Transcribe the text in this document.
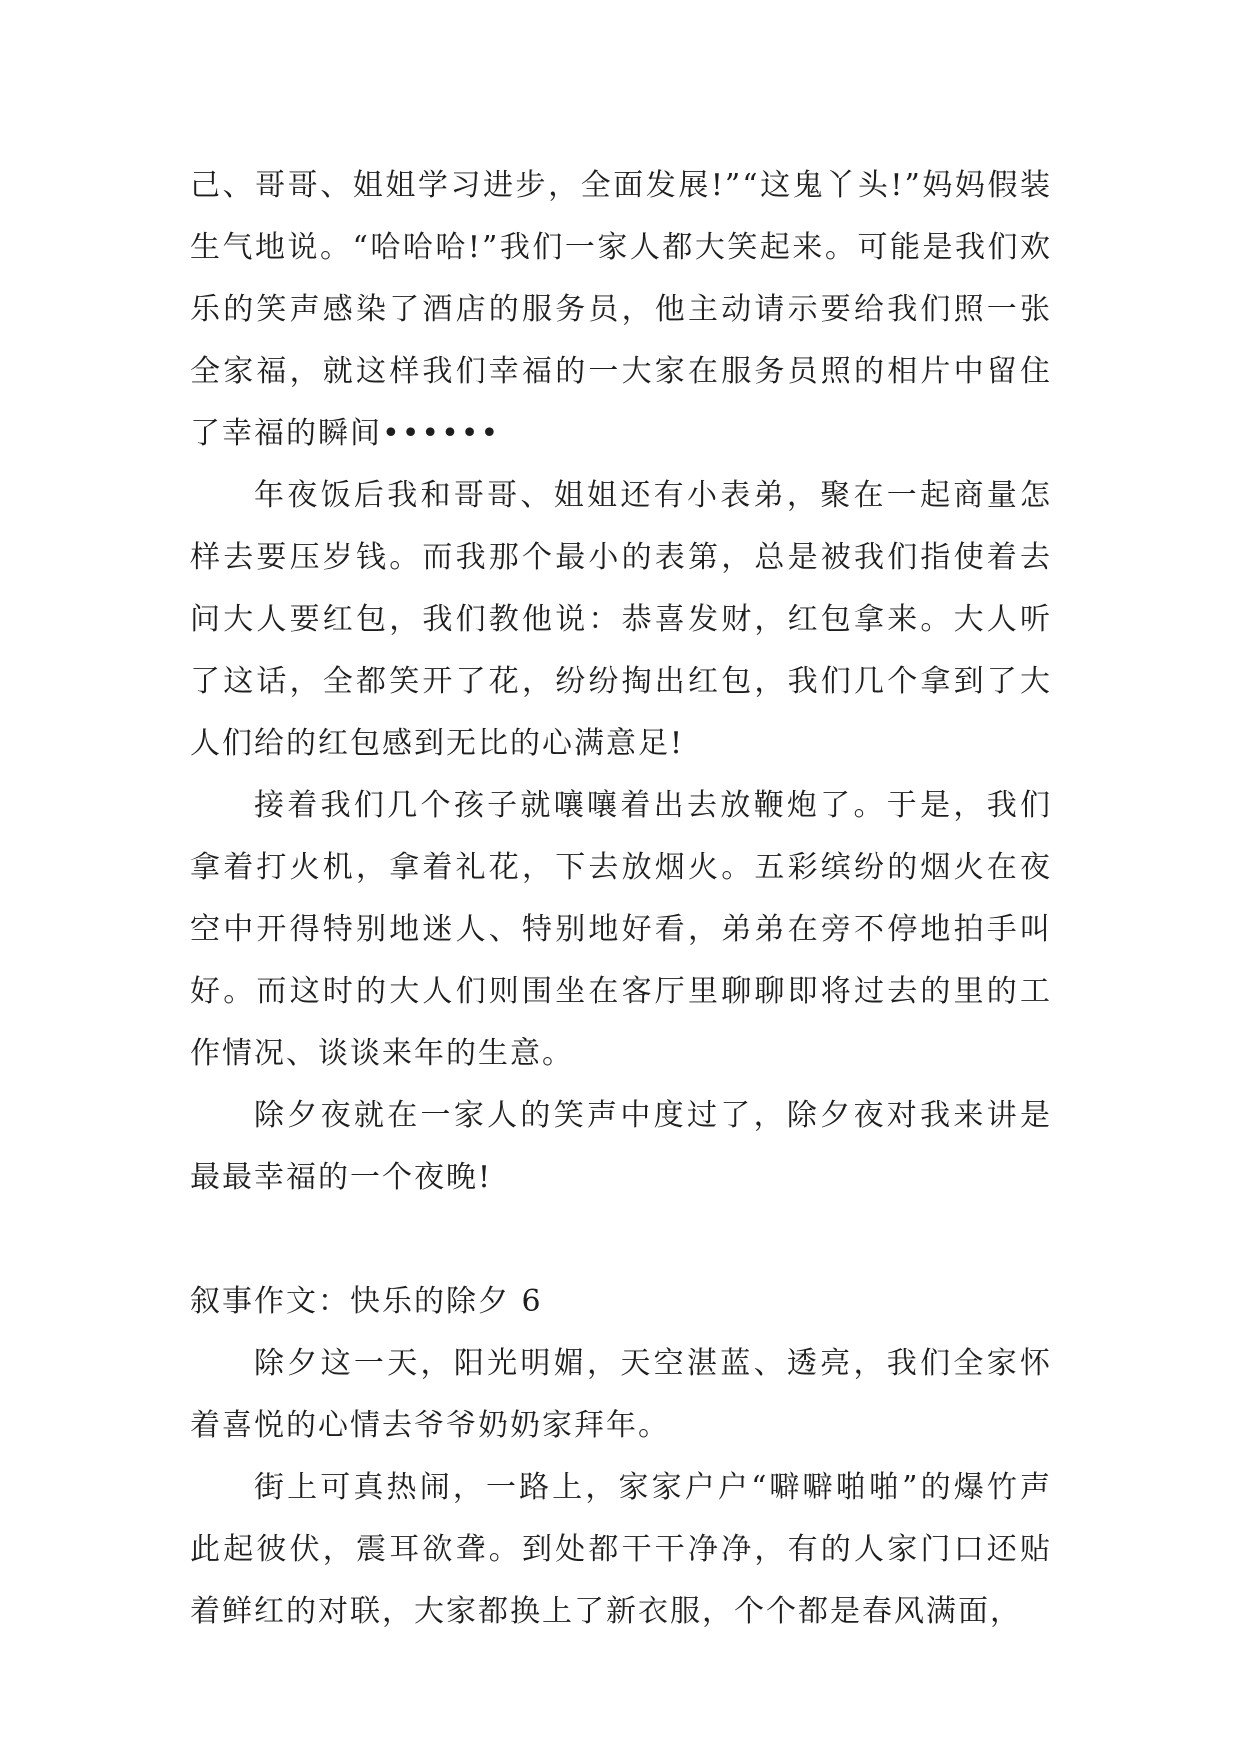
己、哥哥、姐姐学习进步，全面发展!”“这鬼丫头!”妈妈假装生气地说。“哈哈哈!”我们一家人都大笑起来。可能是我们欢乐的笑声感染了酒店的服务员，他主动请示要给我们照一张全家福，就这样我们幸福的一大家在服务员照的相片中留住了幸福的瞬间••••••

年夜饭后我和哥哥、姐姐还有小表弟，聚在一起商量怎样去要压岁钱。而我那个最小的表第，总是被我们指使着去问大人要红包，我们教他说：恭喜发财，红包拿来。大人听了这话，全都笑开了花，纷纷掏出红包，我们几个拿到了大人们给的红包感到无比的心满意足!

接着我们几个孩子就嚷嚷着出去放鞭炮了。于是，我们拿着打火机，拿着礼花，下去放烟火。五彩缤纷的烟火在夜空中开得特别地迷人、特别地好看，弟弟在旁不停地拍手叫好。而这时的大人们则围坐在客厅里聊聊即将过去的里的工作情况、谈谈来年的生意。

除夕夜就在一家人的笑声中度过了，除夕夜对我来讲是最最幸福的一个夜晚!

叙事作文：快乐的除夕 6

除夕这一天，阳光明媚，天空湛蓝、透亮，我们全家怀着喜悦的心情去爷爷奶奶家拜年。

街上可真热闹，一路上，家家户户“噼噼啪啪”的爆竹声此起彼伏，震耳欲聋。到处都干干净净，有的人家门口还贴着鲜红的对联，大家都换上了新衣服，个个都是春风满面，
